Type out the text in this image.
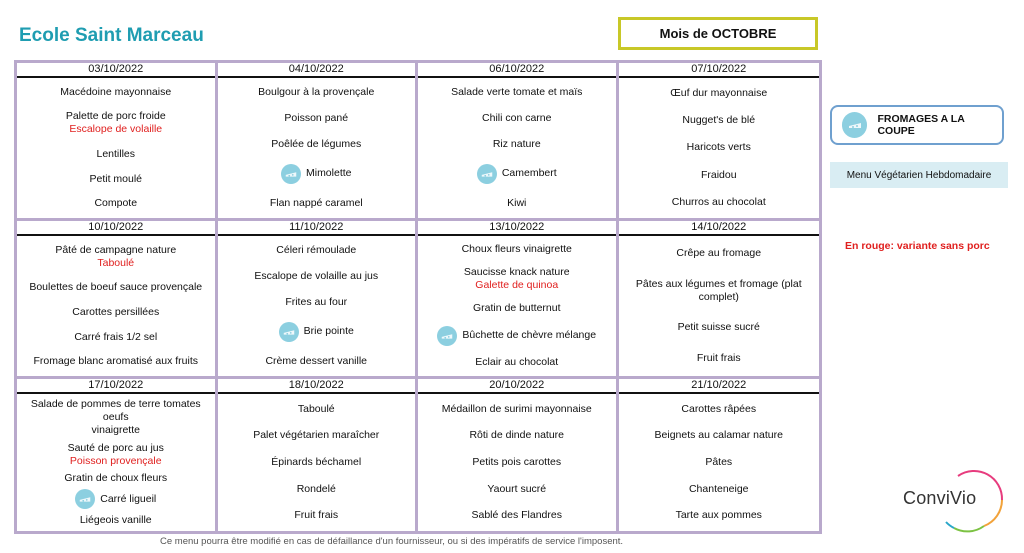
Ecole Saint Marceau	Mois de OCTOBRE
03/10/2022
Macédoine mayonnaise
Palette de porc froide
Escalope de volaille
Lentilles
Petit moulé
Compote
04/10/2022
Boulgour à la provençale
Poisson pané
Poêlée de légumes
Mimolette
Flan nappé caramel
06/10/2022
Salade verte tomate et maïs
Chili con carne
Riz nature
Camembert
Kiwi
07/10/2022
Œuf dur mayonnaise
Nugget's de blé
Haricots verts
Fraidou
Churros au chocolat
10/10/2022
Pâté de campagne nature
Taboulé
Boulettes de boeuf sauce provençale
Carottes persillées
Carré frais 1/2 sel
Fromage blanc aromatisé aux fruits
11/10/2022
Céleri rémoulade
Escalope de volaille au jus
Frites au four
Brie pointe
Crème dessert vanille
13/10/2022
Choux fleurs vinaigrette
Saucisse knack nature
Galette de quinoa
Gratin de butternut
Bûchette de chèvre mélange
Eclair au chocolat
14/10/2022
Crêpe au fromage
Pâtes aux légumes et fromage (plat
complet)
Petit suisse sucré
Fruit frais
17/10/2022
Salade de pommes de terre tomates oeufs
vinaigrette
Sauté de porc au jus
Poisson provençale
Gratin de choux fleurs
Carré ligueil
Liégeois vanille
18/10/2022
Taboulé
Palet végétarien maraîcher
Épinards béchamel
Rondelé
Fruit frais
20/10/2022
Médaillon de surimi mayonnaise
Rôti de dinde nature
Petits pois carottes
Yaourt sucré
Sablé des Flandres
21/10/2022
Carottes râpées
Beignets au calamar nature
Pâtes
Chanteneige
Tarte aux pommes
FROMAGES A LA COUPE
Menu Végétarien Hebdomadaire
En rouge: variante sans porc
ConviVio
Ce menu pourra être modifié en cas de défaillance d'un fournisseur, ou si des impératifs de service l'imposent.
